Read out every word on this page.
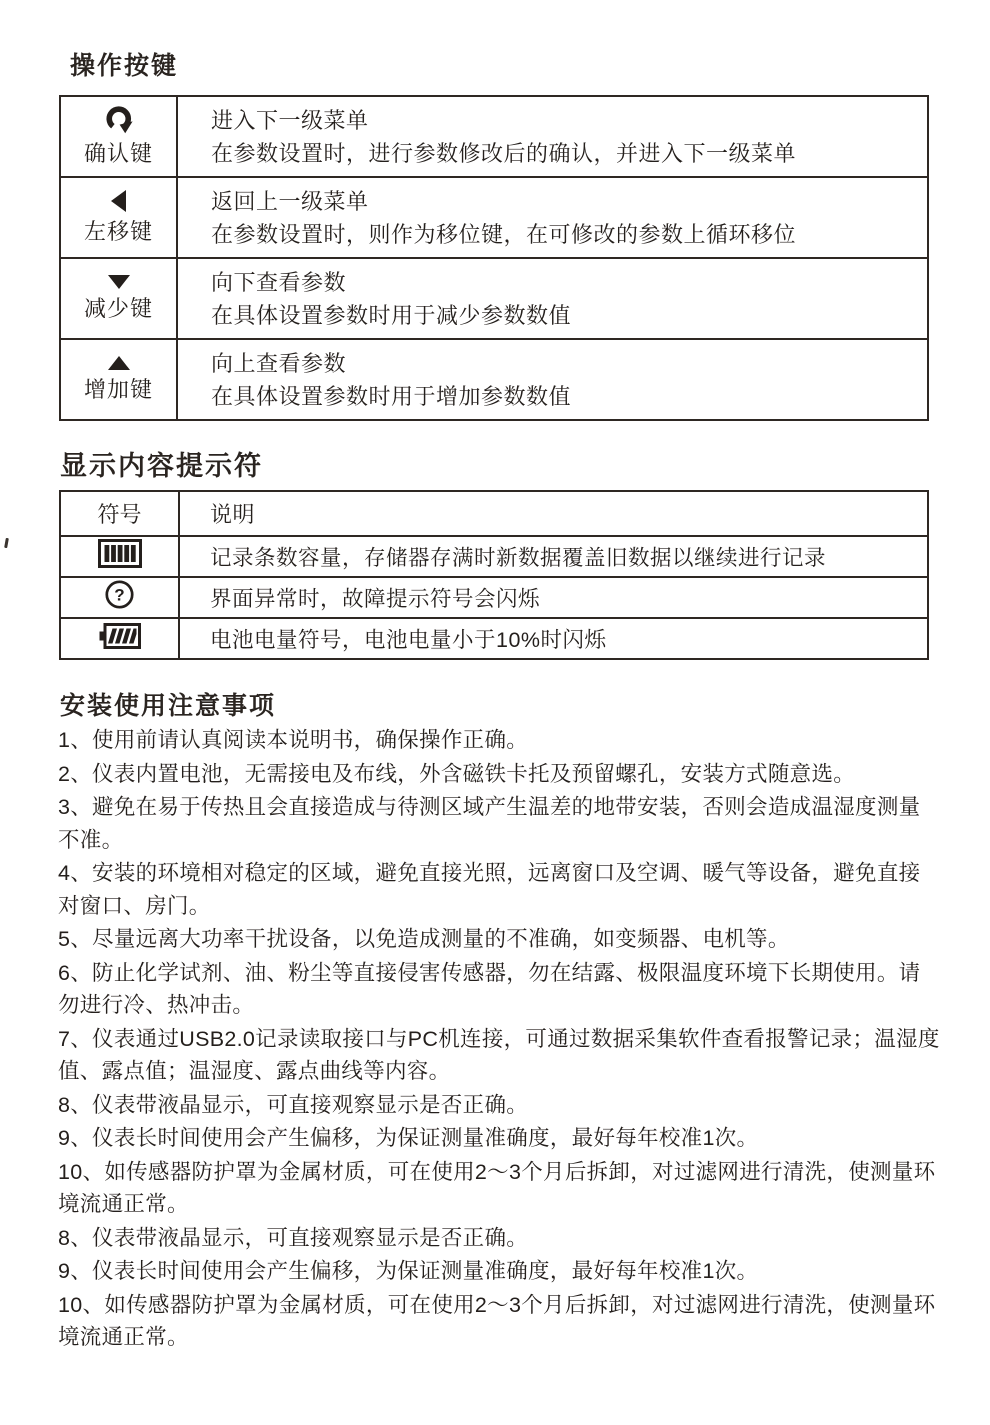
操作按键
确认键	进入下一级菜单
在参数设置时，进行参数修改后的确认，并进入下一级菜单

左移键	返回上一级菜单
在参数设置时，则作为移位键，在可修改的参数上循环移位

减少键	向下查看参数
在具体设置参数时用于减少参数数值

增加键	向上查看参数
在具体设置参数时用于增加参数数值
显示内容提示符
符号	说明

	记录条数容量，存储器存满时新数据覆盖旧数据以继续进行记录

?	界面异常时，故障提示符号会闪烁

	电池电量符号，电池电量小于10%时闪烁
安装使用注意事项

1、使用前请认真阅读本说明书，确保操作正确。

2、仪表内置电池，无需接电及布线，外含磁铁卡托及预留螺孔，安装方式随意选。

3、避免在易于传热且会直接造成与待测区域产生温差的地带安装，否则会造成温湿度测量不准。

4、安装的环境相对稳定的区域，避免直接光照，远离窗口及空调、暖气等设备，避免直接对窗口、房门。

5、尽量远离大功率干扰设备，以免造成测量的不准确，如变频器、电机等。

6、防止化学试剂、油、粉尘等直接侵害传感器，勿在结露、极限温度环境下长期使用。请勿进行冷、热冲击。

7、仪表通过USB2.0记录读取接口与PC机连接，可通过数据采集软件查看报警记录；温湿度值、露点值；温湿度、露点曲线等内容。

8、仪表带液晶显示，可直接观察显示是否正确。

9、仪表长时间使用会产生偏移，为保证测量准确度，最好每年校准1次。

10、如传感器防护罩为金属材质，可在使用2～3个月后拆卸，对过滤网进行清洗，使测量环境流通正常。

8、仪表带液晶显示，可直接观察显示是否正确。

9、仪表长时间使用会产生偏移，为保证测量准确度，最好每年校准1次。

10、如传感器防护罩为金属材质，可在使用2～3个月后拆卸，对过滤网进行清洗，使测量环境流通正常。
